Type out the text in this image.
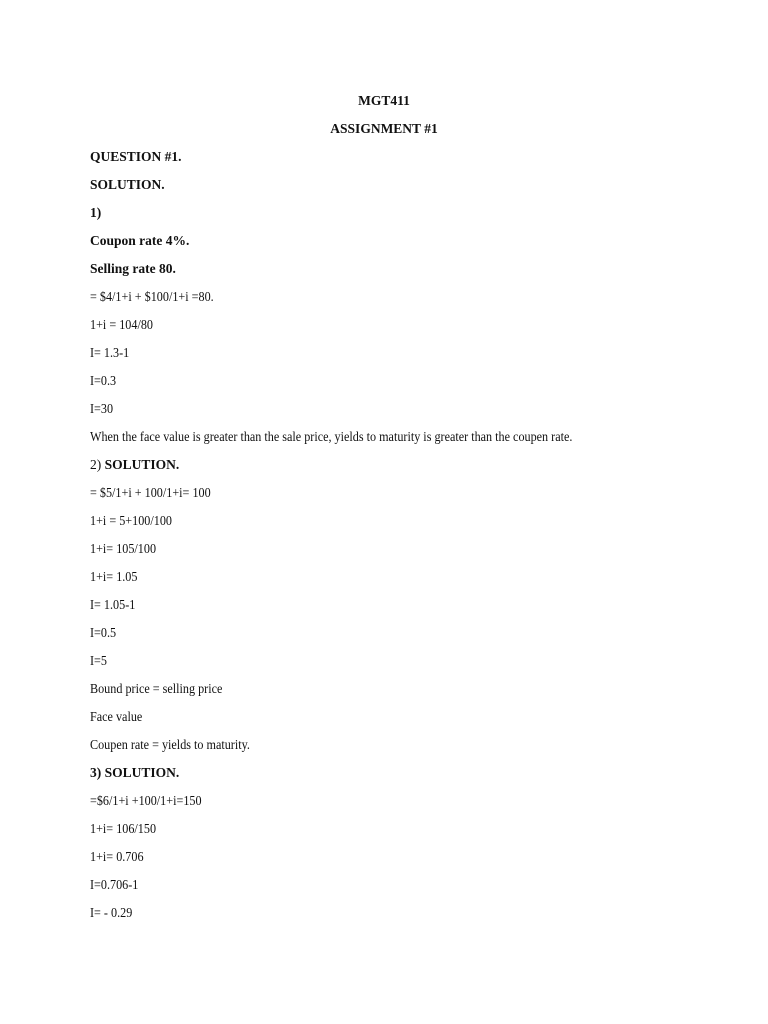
MGT411
ASSIGNMENT #1
QUESTION #1.
SOLUTION.
1)
Coupon rate 4%.
Selling rate 80.
= $4/1+i + $100/1+i =80.
1+i = 104/80
I= 1.3-1
I=0.3
I=30
When the face value is greater than the sale price, yields to maturity is greater than the coupen rate.
2) SOLUTION.
= $5/1+i + 100/1+i= 100
1+i = 5+100/100
1+i= 105/100
1+i= 1.05
I= 1.05-1
I=0.5
I=5
Bound price = selling price
Face value
Coupen rate = yields to maturity.
3) SOLUTION.
=$6/1+i +100/1+i=150
1+i= 106/150
1+i= 0.706
I=0.706-1
I= - 0.29
